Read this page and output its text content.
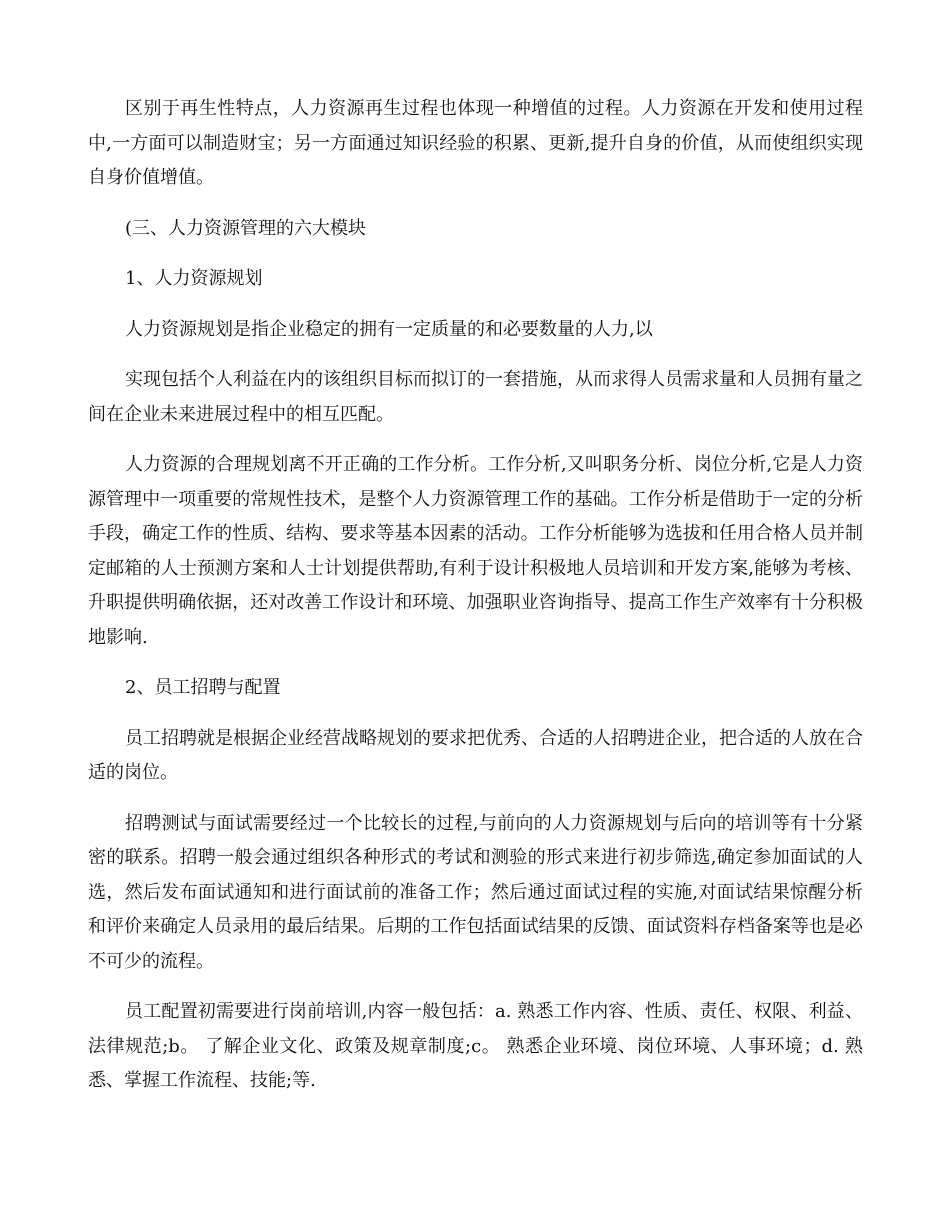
区别于再生性特点，人力资源再生过程也体现一种增值的过程。人力资源在开发和使用过程中,一方面可以制造财宝；另一方面通过知识经验的积累、更新,提升自身的价值，从而使组织实现自身价值增值。

(三、人力资源管理的六大模块

1、人力资源规划

人力资源规划是指企业稳定的拥有一定质量的和必要数量的人力,以

实现包括个人利益在内的该组织目标而拟订的一套措施，从而求得人员需求量和人员拥有量之间在企业未来进展过程中的相互匹配。

人力资源的合理规划离不开正确的工作分析。工作分析,又叫职务分析、岗位分析,它是人力资源管理中一项重要的常规性技术，是整个人力资源管理工作的基础。工作分析是借助于一定的分析手段，确定工作的性质、结构、要求等基本因素的活动。工作分析能够为选拔和任用合格人员并制定邮箱的人士预测方案和人士计划提供帮助,有利于设计积极地人员培训和开发方案,能够为考核、升职提供明确依据，还对改善工作设计和环境、加强职业咨询指导、提高工作生产效率有十分积极地影响.

2、员工招聘与配置

员工招聘就是根据企业经营战略规划的要求把优秀、合适的人招聘进企业，把合适的人放在合适的岗位。

招聘测试与面试需要经过一个比较长的过程,与前向的人力资源规划与后向的培训等有十分紧密的联系。招聘一般会通过组织各种形式的考试和测验的形式来进行初步筛选,确定参加面试的人选，然后发布面试通知和进行面试前的准备工作；然后通过面试过程的实施,对面试结果惊醒分析和评价来确定人员录用的最后结果。后期的工作包括面试结果的反馈、面试资料存档备案等也是必不可少的流程。

员工配置初需要进行岗前培训,内容一般包括：a. 熟悉工作内容、性质、责任、权限、利益、法律规范;b。 了解企业文化、政策及规章制度;c。 熟悉企业环境、岗位环境、人事环境；d. 熟悉、掌握工作流程、技能;等.
